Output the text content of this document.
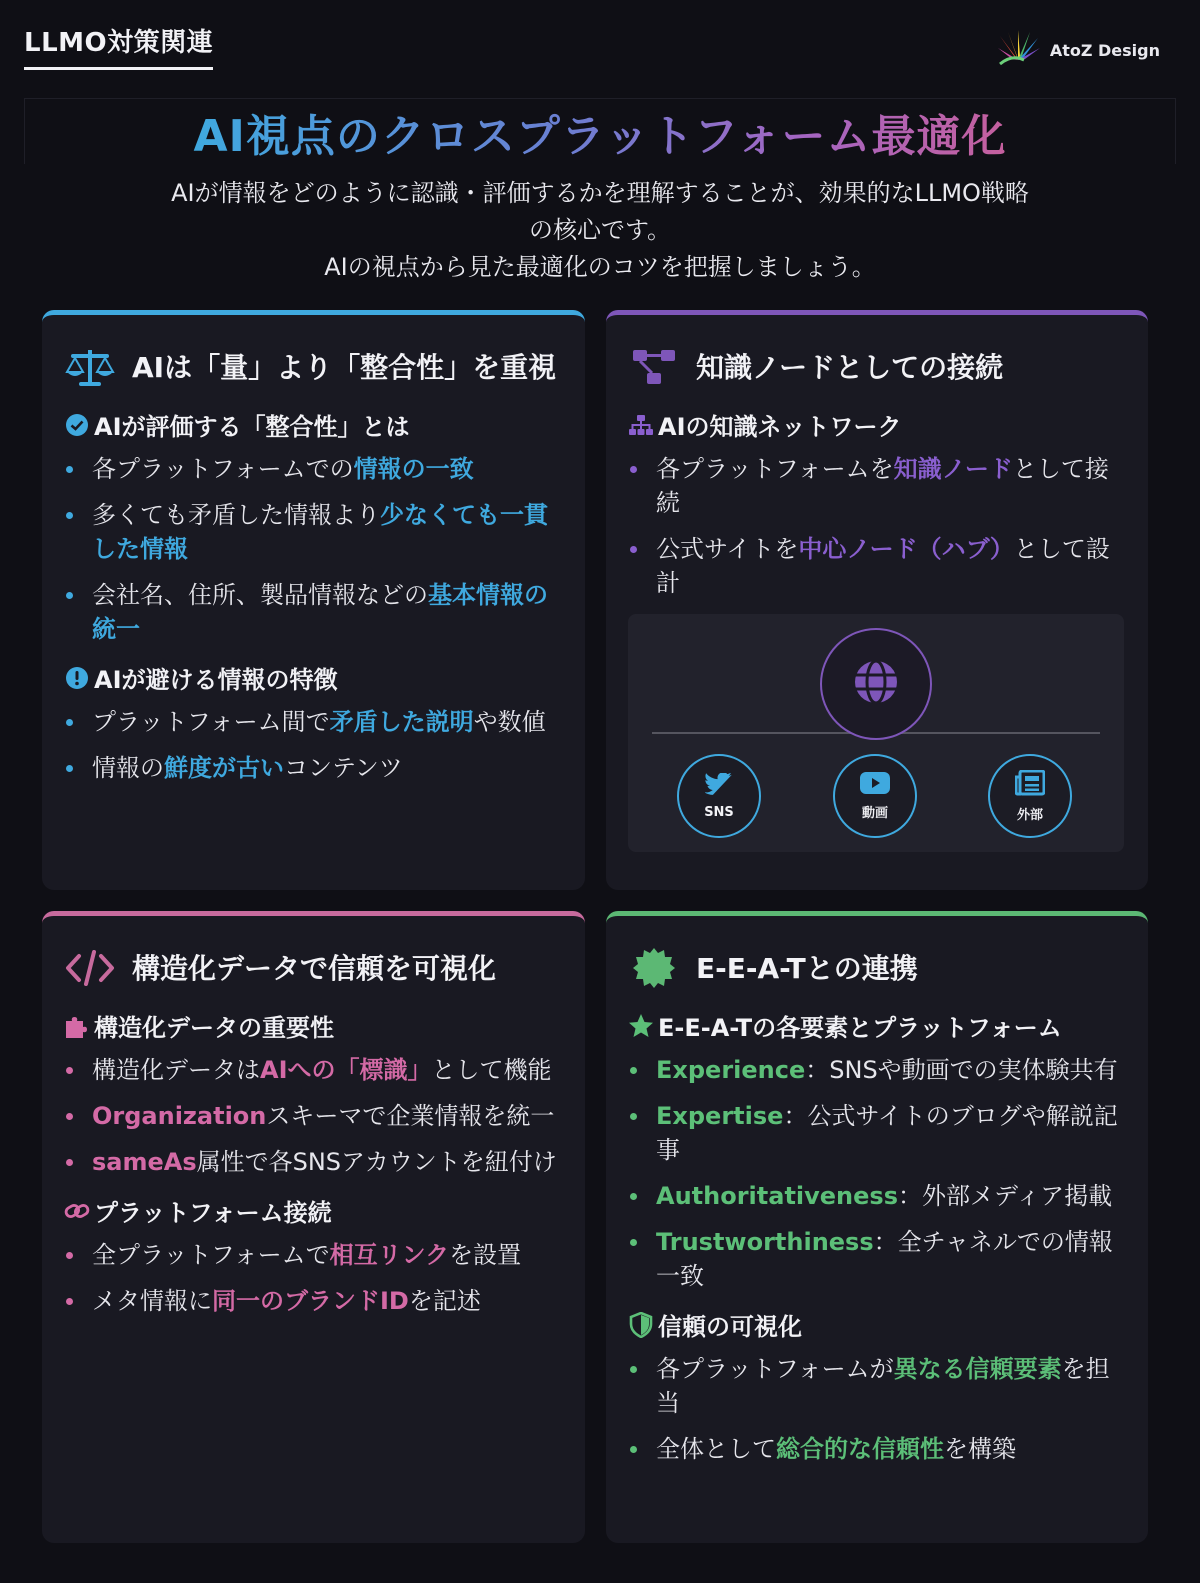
LLMO対策関連	AtoZ Design
AI視点のクロスプラットフォーム最適化

AIが情報をどのように認識・評価するかを理解することが、効果的なLLMO戦略

の核心です。

AIの視点から見た最適化のコツを把握しましょう。

AIは「量」より「整合性」を重視
AIが評価する「整合性」とは
各プラットフォームでの情報の一致
多くても矛盾した情報より少なくても一貫した情報
会社名、住所、製品情報などの基本情報の統一
AIが避ける情報の特徴
プラットフォーム間で矛盾した説明や数値
情報の鮮度が古いコンテンツ
知識ノードとしての接続
AIの知識ネットワーク
各プラットフォームを知識ノードとして接続
公式サイトを中心ノード（ハブ）として設計
SNS	動画	外部
構造化データで信頼を可視化
構造化データの重要性
構造化データはAIへの「標識」として機能
Organizationスキーマで企業情報を統一
sameAs属性で各SNSアカウントを紐付け
プラットフォーム接続
全プラットフォームで相互リンクを設置
メタ情報に同一のブランドIDを記述
E-E-A-Tとの連携
E-E-A-Tの各要素とプラットフォーム
Experience：SNSや動画での実体験共有
Expertise：公式サイトのブログや解説記事
Authoritativeness：外部メディア掲載
Trustworthiness：全チャネルでの情報一致
信頼の可視化
各プラットフォームが異なる信頼要素を担当
全体として総合的な信頼性を構築
